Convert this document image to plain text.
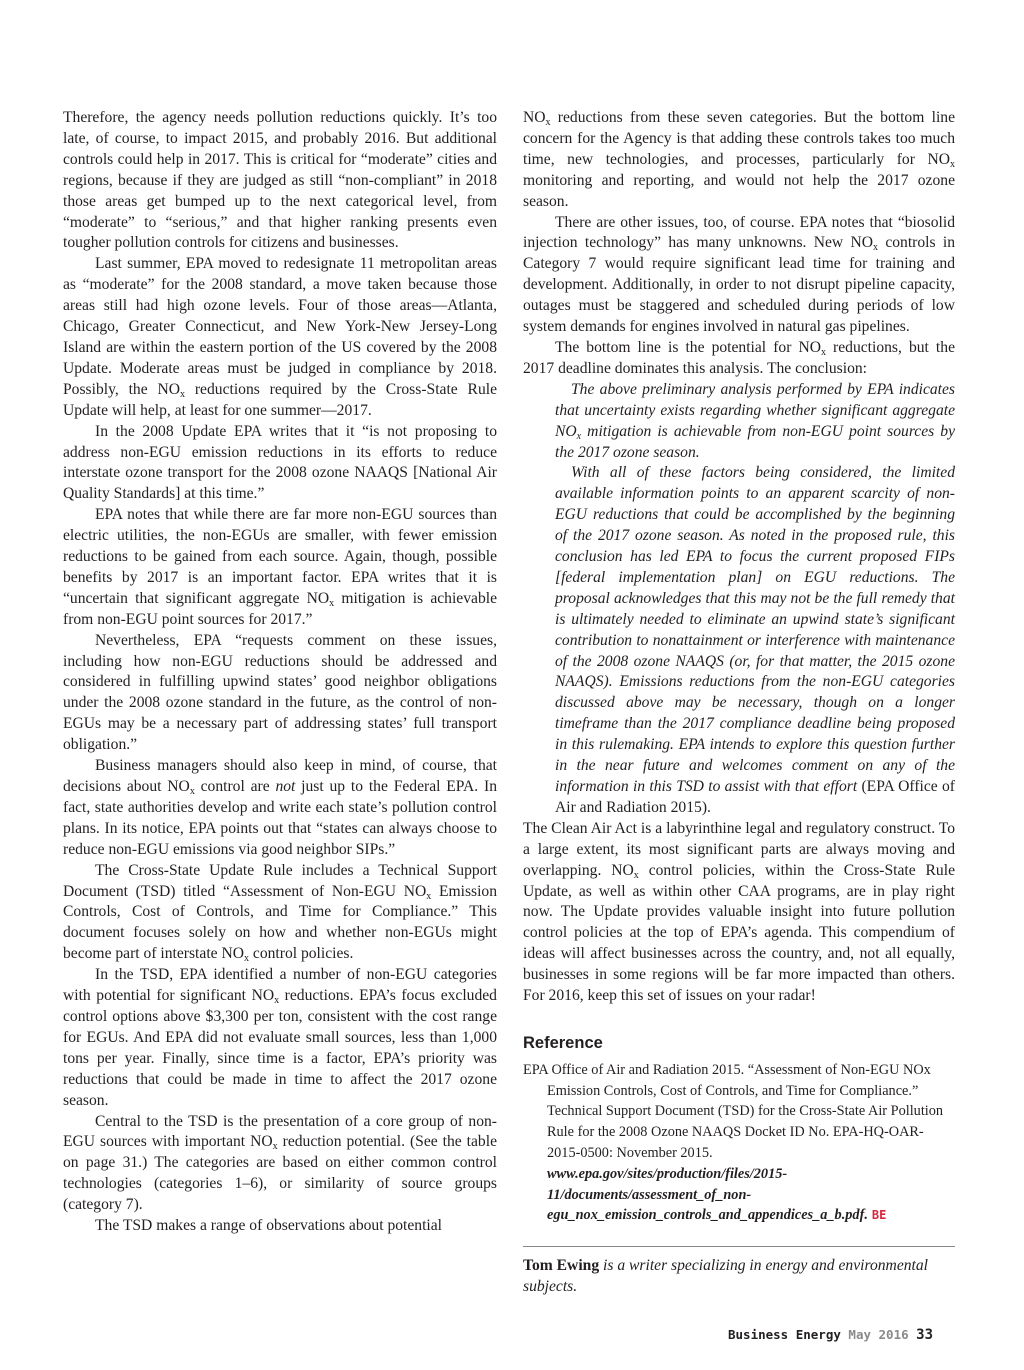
Therefore, the agency needs pollution reductions quickly. It’s too late, of course, to impact 2015, and probably 2016. But additional controls could help in 2017. This is critical for “moderate” cities and regions, because if they are judged as still “non-compliant” in 2018 those areas get bumped up to the next categorical level, from “moderate” to “serious,” and that higher ranking presents even tougher pollution controls for citizens and businesses.

Last summer, EPA moved to redesignate 11 metropolitan areas as “moderate” for the 2008 standard, a move taken because those areas still had high ozone levels. Four of those areas—Atlanta, Chicago, Greater Connecticut, and New York-New Jersey-Long Island are within the eastern portion of the US covered by the 2008 Update. Moderate areas must be judged in compliance by 2018. Possibly, the $NO_x$ reductions required by the Cross-State Rule Update will help, at least for one summer—2017.

In the 2008 Update EPA writes that it “is not proposing to address non-EGU emission reductions in its efforts to reduce interstate ozone transport for the 2008 ozone NAAQS [National Air Quality Standards] at this time.”

EPA notes that while there are far more non-EGU sources than electric utilities, the non-EGUs are smaller, with fewer emission reductions to be gained from each source. Again, though, possible benefits by 2017 is an important factor. EPA writes that it is “uncertain that significant aggregate $NO_x$ mitigation is achievable from non-EGU point sources for 2017.”

Nevertheless, EPA “requests comment on these issues, including how non-EGU reductions should be addressed and considered in fulfilling upwind states’ good neighbor obligations under the 2008 ozone standard in the future, as the control of non-EGUs may be a necessary part of addressing states’ full transport obligation.”

Business managers should also keep in mind, of course, that decisions about $NO_x$ control are not just up to the Federal EPA. In fact, state authorities develop and write each state’s pollution control plans. In its notice, EPA points out that “states can always choose to reduce non-EGU emissions via good neighbor SIPs.”

The Cross-State Update Rule includes a Technical Support Document (TSD) titled “Assessment of Non-EGU $NO_x$ Emission Controls, Cost of Controls, and Time for Compliance.” This document focuses solely on how and whether non-EGUs might become part of interstate $NO_x$ control policies.

In the TSD, EPA identified a number of non-EGU categories with potential for significant $NO_x$ reductions. EPA’s focus excluded control options above $3,300 per ton, consistent with the cost range for EGUs. And EPA did not evaluate small sources, less than 1,000 tons per year. Finally, since time is a factor, EPA’s priority was reductions that could be made in time to affect the 2017 ozone season.

Central to the TSD is the presentation of a core group of non-EGU sources with important $NO_x$ reduction potential. (See the table on page 31.) The categories are based on either common control technologies (categories 1–6), or similarity of source groups (category 7).

The TSD makes a range of observations about potential

$NO_x$ reductions from these seven categories. But the bottom line concern for the Agency is that adding these controls takes too much time, new technologies, and processes, particularly for $NO_x$ monitoring and reporting, and would not help the 2017 ozone season.

There are other issues, too, of course. EPA notes that “biosolid injection technology” has many unknowns. New $NO_x$ controls in Category 7 would require significant lead time for training and development. Additionally, in order to not disrupt pipeline capacity, outages must be staggered and scheduled during periods of low system demands for engines involved in natural gas pipelines.

The bottom line is the potential for $NO_x$ reductions, but the 2017 deadline dominates this analysis. The conclusion:

The above preliminary analysis performed by EPA indicates that uncertainty exists regarding whether significant aggregate $NO_x$ mitigation is achievable from non-EGU point sources by the 2017 ozone season.

With all of these factors being considered, the limited available information points to an apparent scarcity of non-EGU reductions that could be accomplished by the beginning of the 2017 ozone season. As noted in the proposed rule, this conclusion has led EPA to focus the current proposed FIPs [federal implementation plan] on EGU reductions. The proposal acknowledges that this may not be the full remedy that is ultimately needed to eliminate an upwind state’s significant contribution to nonattainment or interference with maintenance of the 2008 ozone NAAQS (or, for that matter, the 2015 ozone NAAQS). Emissions reductions from the non-EGU categories discussed above may be necessary, though on a longer timeframe than the 2017 compliance deadline being proposed in this rulemaking. EPA intends to explore this question further in the near future and welcomes comment on any of the information in this TSD to assist with that effort (EPA Office of Air and Radiation 2015).

The Clean Air Act is a labyrinthine legal and regulatory construct. To a large extent, its most significant parts are always moving and overlapping. $NO_x$ control policies, within the Cross-State Rule Update, as well as within other CAA programs, are in play right now. The Update provides valuable insight into future pollution control policies at the top of EPA’s agenda. This compendium of ideas will affect businesses across the country, and, not all equally, businesses in some regions will be far more impacted than others. For 2016, keep this set of issues on your radar!

Reference

EPA Office of Air and Radiation 2015. “Assessment of Non-EGU NOx Emission Controls, Cost of Controls, and Time for Compliance.” Technical Support Document (TSD) for the Cross-State Air Pollution Rule for the 2008 Ozone NAAQS Docket ID No. EPA-HQ-OAR-2015-0500: November 2015. www.epa.gov/sites/production/files/2015-11/documents/assessment_of_non-egu_nox_emission_controls_and_appendices_a_b.pdf. BE

Tom Ewing is a writer specializing in energy and environmental subjects.

Business Energy May 2016 33
